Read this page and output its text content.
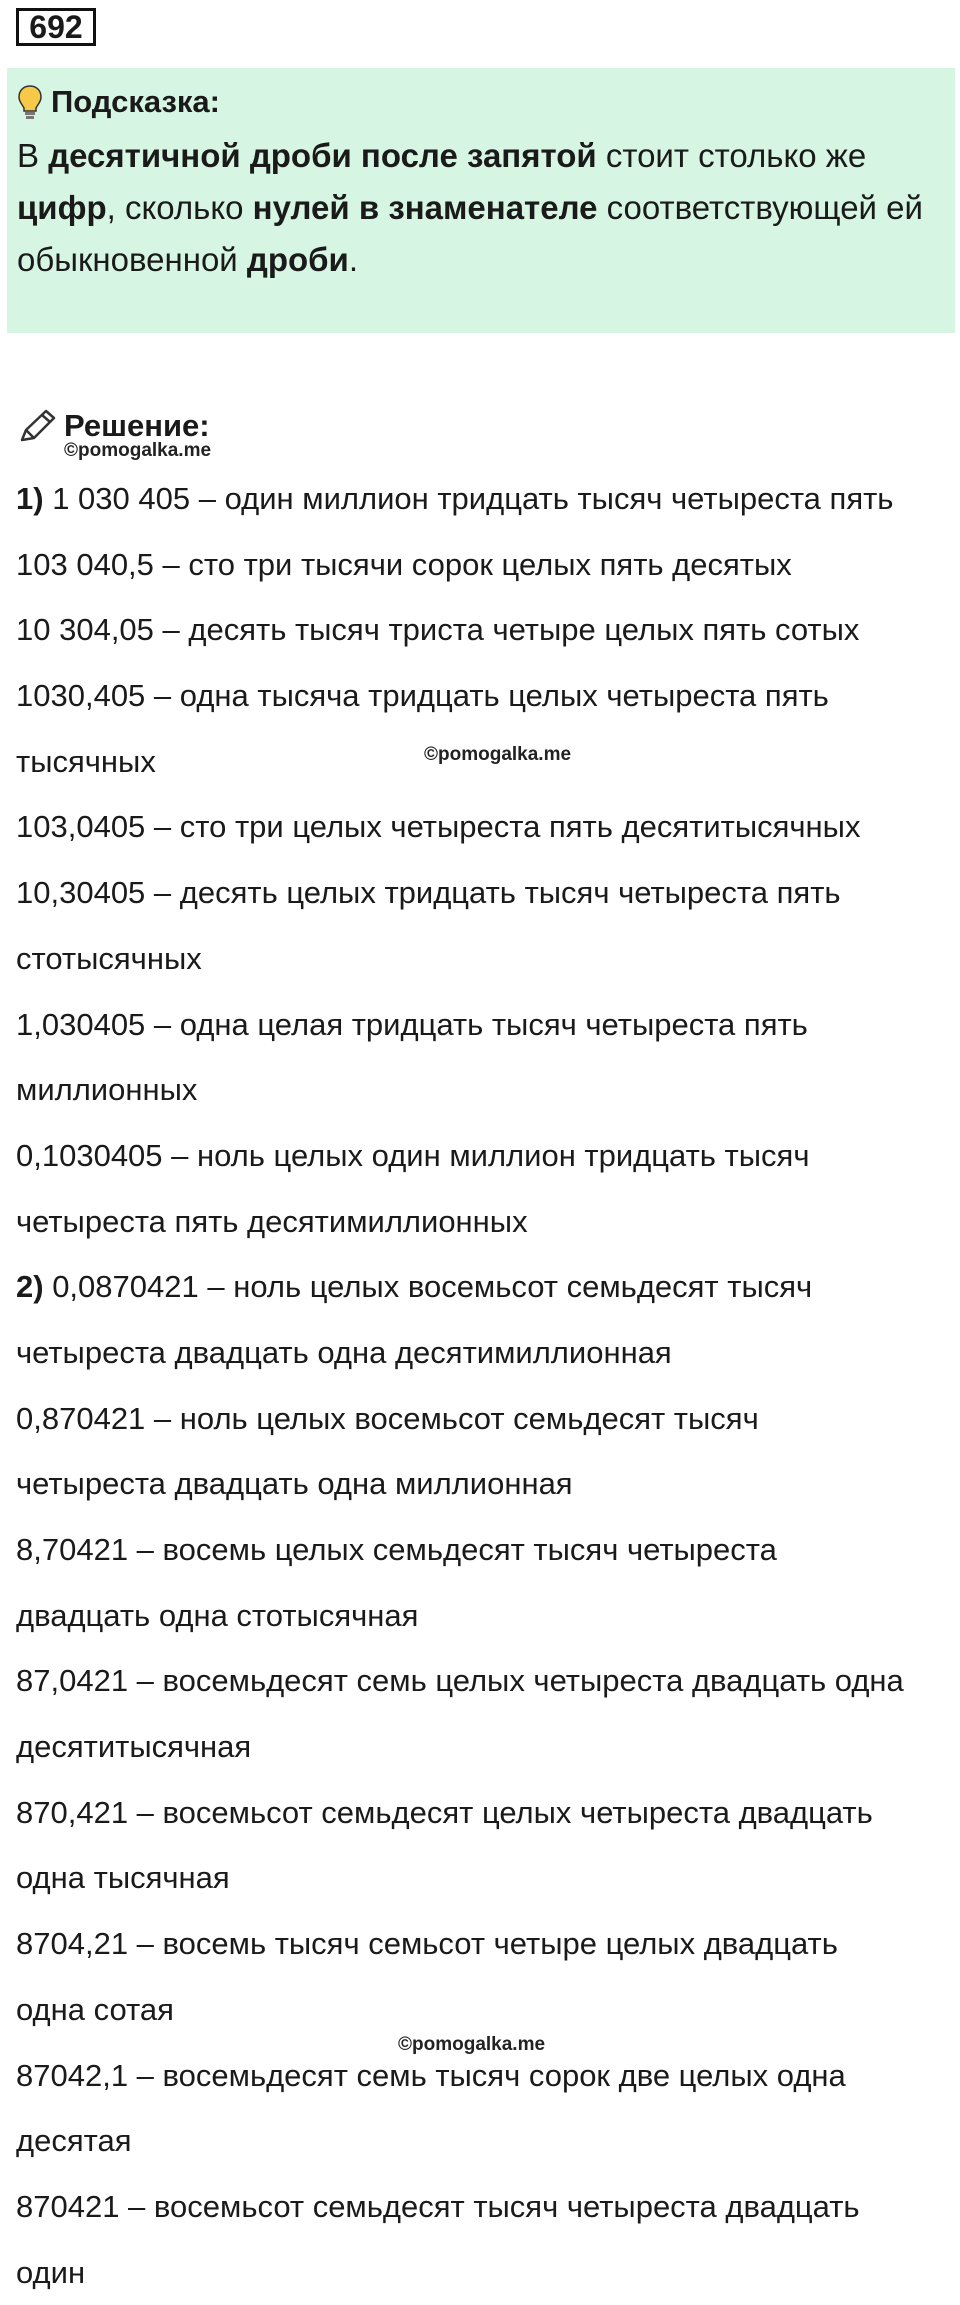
692
Подсказка:
В десятичной дроби после запятой стоит столько же цифр, сколько нулей в знаменателе соответствующей ей обыкновенной дроби.
Решение:
©pomogalka.me
©pomogalka.me
©pomogalka.me
1) 1 030 405 – один миллион тридцать тысяч четыреста пять
103 040,5 – сто три тысячи сорок целых пять десятых
10 304,05 – десять тысяч триста четыре целых пять сотых
1030,405 – одна тысяча тридцать целых четыреста пять
тысячных
103,0405 – сто три целых четыреста пять десятитысячных
10,30405 – десять целых тридцать тысяч четыреста пять
стотысячных
1,030405 – одна целая тридцать тысяч четыреста пять
миллионных
0,1030405 – ноль целых один миллион тридцать тысяч
четыреста пять десятимиллионных
2) 0,0870421 – ноль целых восемьсот семьдесят тысяч
четыреста двадцать одна десятимиллионная
0,870421 – ноль целых восемьсот семьдесят тысяч
четыреста двадцать одна миллионная
8,70421 – восемь целых семьдесят тысяч четыреста
двадцать одна стотысячная
87,0421 – восемьдесят семь целых четыреста двадцать одна
десятитысячная
870,421 – восемьсот семьдесят целых четыреста двадцать
одна тысячная
8704,21 – восемь тысяч семьсот четыре целых двадцать
одна сотая
87042,1 – восемьдесят семь тысяч сорок две целых одна
десятая
870421 – восемьсот семьдесят тысяч четыреста двадцать
один
